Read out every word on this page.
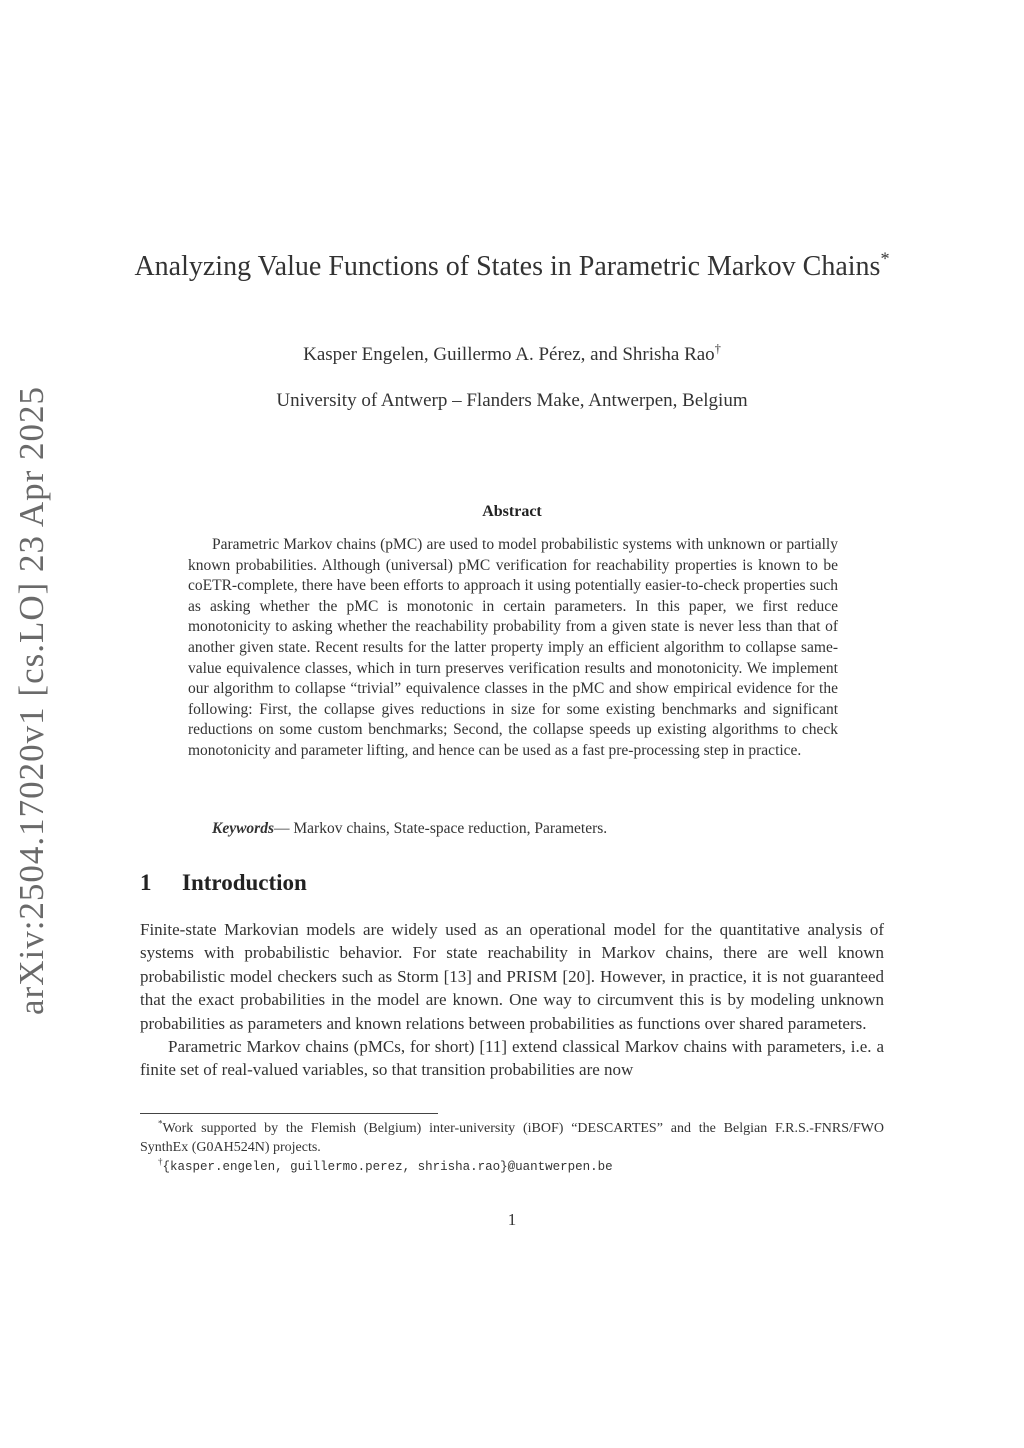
arXiv:2504.17020v1 [cs.LO] 23 Apr 2025
Analyzing Value Functions of States in Parametric Markov Chains*
Kasper Engelen, Guillermo A. Pérez, and Shrisha Rao†
University of Antwerp – Flanders Make, Antwerpen, Belgium
Abstract

Parametric Markov chains (pMC) are used to model probabilistic systems with unknown or partially known probabilities. Although (universal) pMC verification for reachability properties is known to be coETR-complete, there have been efforts to approach it using potentially easier-to-check properties such as asking whether the pMC is monotonic in certain parameters. In this paper, we first reduce monotonicity to asking whether the reachability probability from a given state is never less than that of another given state. Recent results for the latter property imply an efficient algorithm to collapse same-value equivalence classes, which in turn preserves verification results and monotonicity. We implement our algorithm to collapse “trivial” equivalence classes in the pMC and show empirical evidence for the following: First, the collapse gives reductions in size for some existing benchmarks and significant reductions on some custom benchmarks; Second, the collapse speeds up existing algorithms to check monotonicity and parameter lifting, and hence can be used as a fast pre-processing step in practice.

Keywords— Markov chains, State-space reduction, Parameters.
1 Introduction

Finite-state Markovian models are widely used as an operational model for the quantitative analysis of systems with probabilistic behavior. For state reachability in Markov chains, there are well known probabilistic model checkers such as Storm [13] and PRISM [20]. However, in practice, it is not guaranteed that the exact probabilities in the model are known. One way to circumvent this is by modeling unknown probabilities as parameters and known relations between probabilities as functions over shared parameters.

Parametric Markov chains (pMCs, for short) [11] extend classical Markov chains with parameters, i.e. a finite set of real-valued variables, so that transition probabilities are now

*Work supported by the Flemish (Belgium) inter-university (iBOF) “DESCARTES” and the Belgian F.R.S.-FNRS/FWO SynthEx (G0AH524N) projects.

†{kasper.engelen, guillermo.perez, shrisha.rao}@uantwerpen.be

1
